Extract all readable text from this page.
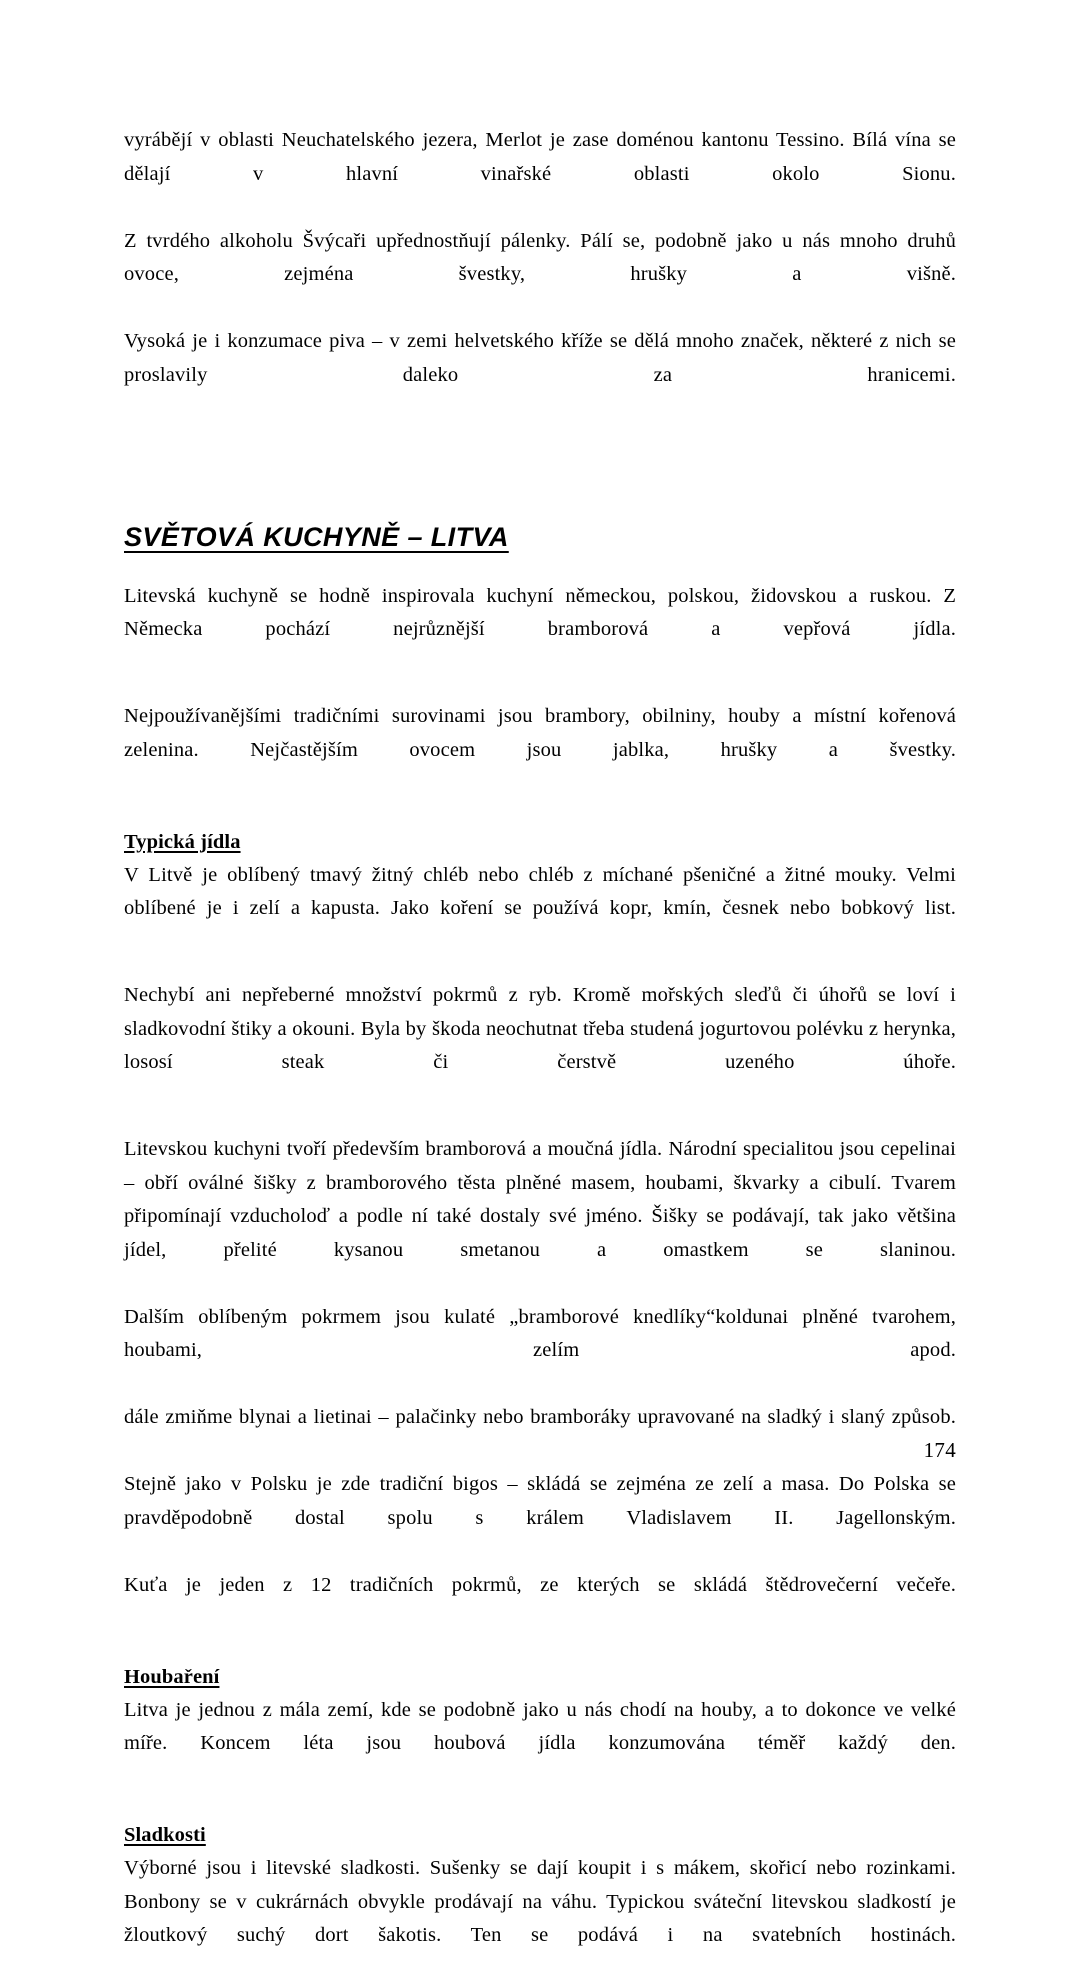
vyrábějí v oblasti Neuchatelského jezera, Merlot je zase doménou kantonu Tessino. Bílá vína se dělají v hlavní vinařské oblasti okolo Sionu.

Z tvrdého alkoholu Švýcaři upřednostňují pálenky. Pálí se, podobně jako u nás mnoho druhů ovoce, zejména švestky, hrušky a višně.

Vysoká je i konzumace piva – v zemi helvetského kříže se dělá mnoho značek, některé z nich se proslavily daleko za hranicemi.

SVĚTOVÁ KUCHYNĚ – LITVA

Litevská kuchyně se hodně inspirovala kuchyní německou, polskou, židovskou a ruskou. Z Německa pochází nejrůznější bramborová a vepřová jídla.

Nejpoužívanějšími tradičními surovinami jsou brambory, obilniny, houby a místní kořenová zelenina. Nejčastějším ovocem jsou jablka, hrušky a švestky.

Typická jídla

V Litvě je oblíbený tmavý žitný chléb nebo chléb z míchané pšeničné a žitné mouky. Velmi oblíbené je i zelí a kapusta. Jako koření se používá kopr, kmín, česnek nebo bobkový list.

Nechybí ani nepřeberné množství pokrmů z ryb. Kromě mořských sleďů či úhořů se loví i sladkovodní štiky a okouni. Byla by škoda neochutnat třeba studená jogurtovou polévku z herynka, lososí steak či čerstvě uzeného úhoře.

Litevskou kuchyni tvoří především bramborová a moučná jídla. Národní specialitou jsou cepelinai – obří oválné šišky z bramborového těsta plněné masem, houbami, škvarky a cibulí. Tvarem připomínají vzducholoď a podle ní také dostaly své jméno. Šišky se podávají, tak jako většina jídel, přelité kysanou smetanou a omastkem se slaninou.

Dalším oblíbeným pokrmem jsou kulaté „bramborové knedlíky“koldunai plněné tvarohem, houbami, zelím apod.

dále zmiňme blynai a lietinai – palačinky nebo bramboráky upravované na sladký i slaný způsob.

Stejně jako v Polsku je zde tradiční bigos – skládá se zejména ze zelí a masa. Do Polska se pravděpodobně dostal spolu s králem Vladislavem II. Jagellonským.

Kuťa je jeden z 12 tradičních pokrmů, ze kterých se skládá štědrovečerní večeře.

Houbaření

Litva je jednou z mála zemí, kde se podobně jako u nás chodí na houby, a to dokonce ve velké míře. Koncem léta jsou houbová jídla konzumována téměř každý den.

Sladkosti

Výborné jsou i litevské sladkosti. Sušenky se dají koupit i s mákem, skořicí nebo rozinkami. Bonbony se v cukrárnách obvykle prodávají na váhu. Typickou sváteční litevskou sladkostí je žloutkový suchý dort šakotis. Ten se podává i na svatebních hostinách.

174
